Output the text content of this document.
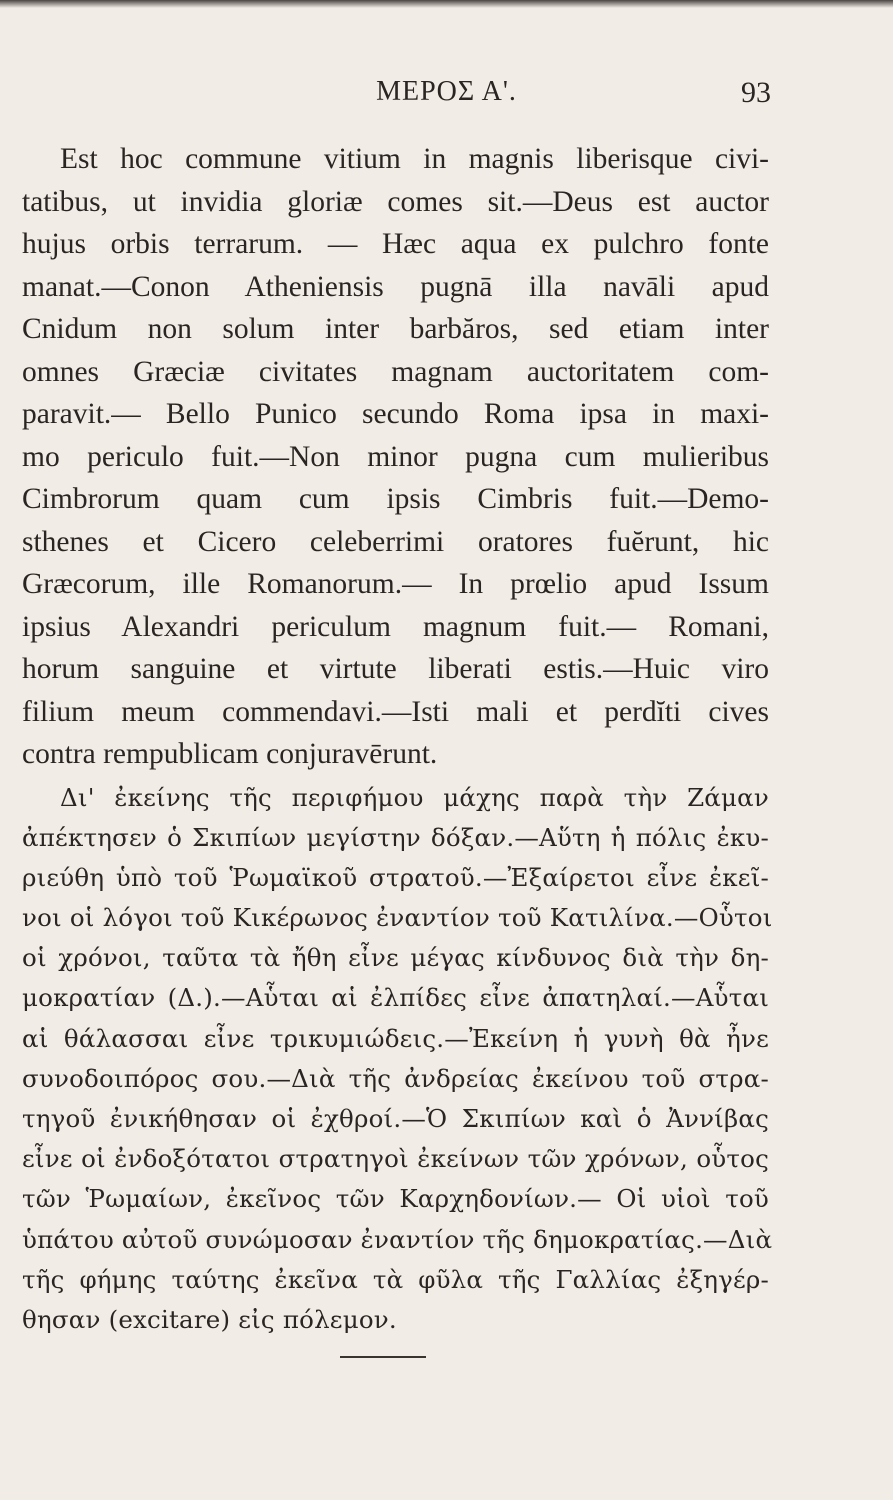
ΜΕΡΟΣ Α'.	93
Est hoc commune vitium in magnis liberisque civi-
tatibus, ut invidia gloriæ comes sit.—Deus est auctor
hujus orbis terrarum. — Hæc aqua ex pulchro fonte
manat.—Conon Atheniensis pugnā illa navāli apud
Cnidum non solum inter barbăros, sed etiam inter
omnes Græciæ civitates magnam auctoritatem com-
paravit.— Bello Punico secundo Roma ipsa in maxi-
mo periculo fuit.—Non minor pugna cum mulieribus
Cimbrorum quam cum ipsis Cimbris fuit.—Demo-
sthenes et Cicero celeberrimi oratores fuĕrunt, hic
Græcorum, ille Romanorum.— In prœlio apud Issum
ipsius Alexandri periculum magnum fuit.— Romani,
horum sanguine et virtute liberati estis.—Huic viro
filium meum commendavi.—Isti mali et perdĭti cives
contra rempublicam conjuravērunt.
Δι' ἐκείνης τῆς περιφήμου μάχης παρὰ τὴν Ζάμαν
ἀπέκτησεν ὁ Σκιπίων μεγίστην δόξαν.—Αὕτη ἡ πόλις ἐκυ-
ριεύθη ὑπὸ τοῦ Ῥωμαϊκοῦ στρατοῦ.—Ἐξαίρετοι εἶνε ἐκεῖ-
νοι οἱ λόγοι τοῦ Κικέρωνος ἐναντίον τοῦ Κατιλίνα.—Οὗτοι
οἱ χρόνοι, ταῦτα τὰ ἤθη εἶνε μέγας κίνδυνος διὰ τὴν δη-
μοκρατίαν (Δ.).—Αὗται αἱ ἐλπίδες εἶνε ἀπατηλαί.—Αὗται
αἱ θάλασσαι εἶνε τρικυμιώδεις.—Ἐκείνη ἡ γυνὴ θὰ ἦνε
συνοδοιπόρος σου.—Διὰ τῆς ἀνδρείας ἐκείνου τοῦ στρα-
τηγοῦ ἐνικήθησαν οἱ ἐχθροί.—Ὁ Σκιπίων καὶ ὁ Ἀννίβας
εἶνε οἱ ἐνδοξότατοι στρατηγοὶ ἐκείνων τῶν χρόνων, οὗτος
τῶν Ῥωμαίων, ἐκεῖνος τῶν Καρχηδονίων.— Οἱ υἱοὶ τοῦ
ὑπάτου αὐτοῦ συνώμοσαν ἐναντίον τῆς δημοκρατίας.—Διὰ
τῆς φήμης ταύτης ἐκεῖνα τὰ φῦλα τῆς Γαλλίας ἐξηγέρ-
θησαν (excitare) εἰς πόλεμον.
